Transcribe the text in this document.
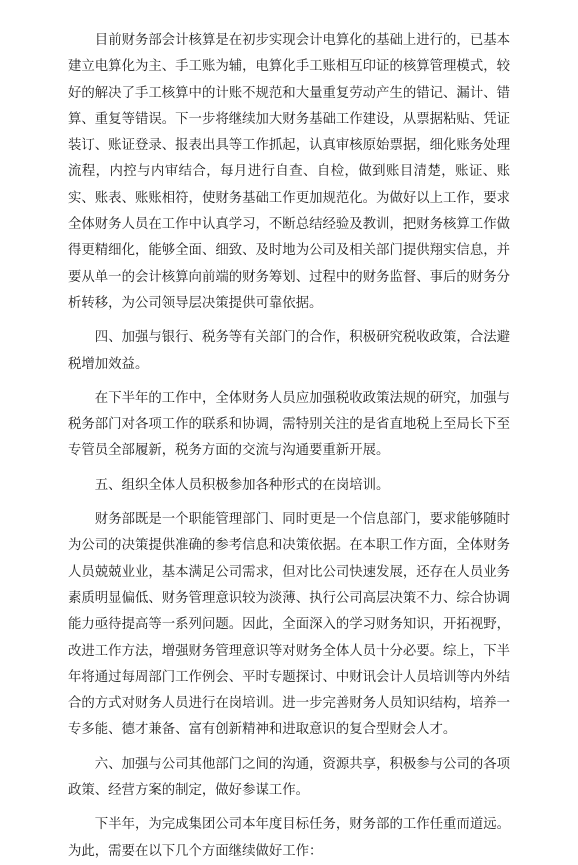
目前财务部会计核算是在初步实现会计电算化的基础上进行的，已基本建立电算化为主、手工账为辅，电算化手工账相互印证的核算管理模式，较好的解决了手工核算中的计账不规范和大量重复劳动产生的错记、漏计、错算、重复等错误。下一步将继续加大财务基础工作建设，从票据粘贴、凭证装订、账证登录、报表出具等工作抓起，认真审核原始票据，细化账务处理流程，内控与内审结合，每月进行自查、自检，做到账目清楚，账证、账实、账表、账账相符，使财务基础工作更加规范化。为做好以上工作，要求全体财务人员在工作中认真学习，不断总结经验及教训，把财务核算工作做得更精细化，能够全面、细致、及时地为公司及相关部门提供翔实信息，并要从单一的会计核算向前端的财务筹划、过程中的财务监督、事后的财务分析转移，为公司领导层决策提供可靠依据。

四、加强与银行、税务等有关部门的合作，积极研究税收政策，合法避税增加效益。

在下半年的工作中，全体财务人员应加强税收政策法规的研究，加强与税务部门对各项工作的联系和协调，需特别关注的是省直地税上至局长下至专管员全部履新，税务方面的交流与沟通要重新开展。

五、组织全体人员积极参加各种形式的在岗培训。

财务部既是一个职能管理部门、同时更是一个信息部门，要求能够随时为公司的决策提供准确的参考信息和决策依据。在本职工作方面，全体财务人员兢兢业业，基本满足公司需求，但对比公司快速发展，还存在人员业务素质明显偏低、财务管理意识较为淡薄、执行公司高层决策不力、综合协调能力亟待提高等一系列问题。因此，全面深入的学习财务知识，开拓视野，改进工作方法，增强财务管理意识等对财务全体人员十分必要。综上，下半年将通过每周部门工作例会、平时专题探讨、中财讯会计人员培训等内外结合的方式对财务人员进行在岗培训。进一步完善财务人员知识结构，培养一专多能、德才兼备、富有创新精神和进取意识的复合型财会人才。

六、加强与公司其他部门之间的沟通，资源共享，积极参与公司的各项政策、经营方案的制定，做好参谋工作。

下半年，为完成集团公司本年度目标任务，财务部的工作任重而道远。为此，需要在以下几个方面继续做好工作：
